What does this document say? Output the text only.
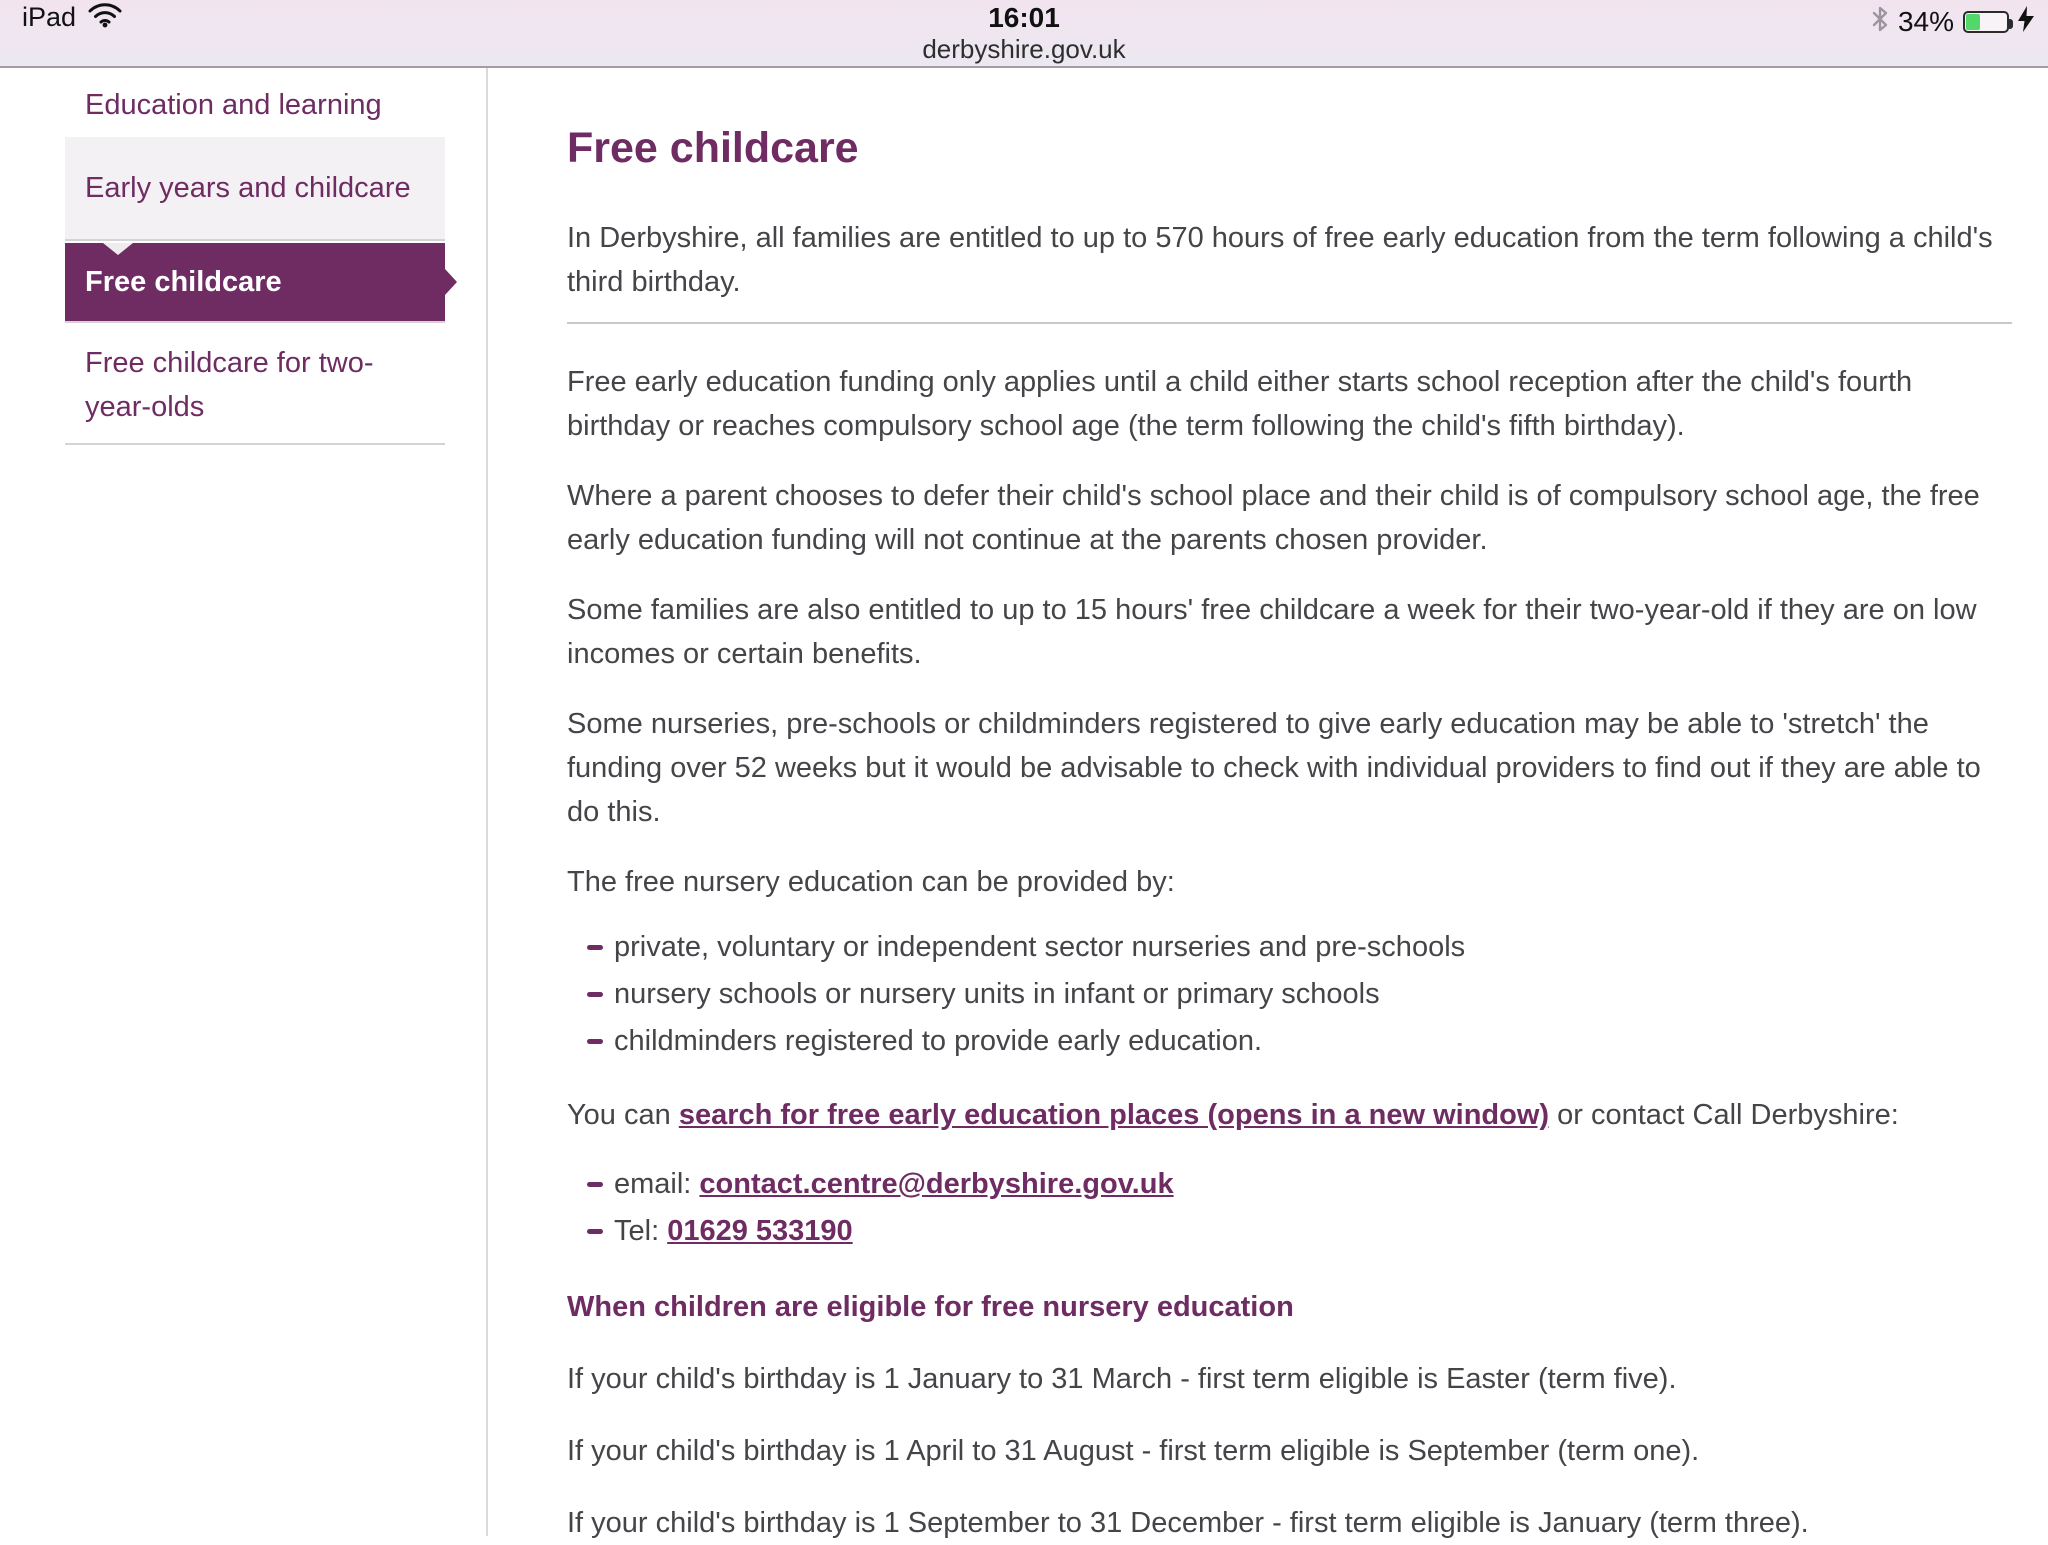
iPad	16:01
derbyshire.gov.uk
34%
Education and learning
Early years and childcare
Free childcare
Free childcare for two-year-olds
Free childcare

In Derbyshire, all families are entitled to up to 570 hours of free early education from the term following a child's third birthday.

Free early education funding only applies until a child either starts school reception after the child's fourth birthday or reaches compulsory school age (the term following the child's fifth birthday).

Where a parent chooses to defer their child's school place and their child is of compulsory school age, the free early education funding will not continue at the parents chosen provider.

Some families are also entitled to up to 15 hours' free childcare a week for their two-year-old if they are on low incomes or certain benefits.

Some nurseries, pre-schools or childminders registered to give early education may be able to 'stretch' the funding over 52 weeks but it would be advisable to check with individual providers to find out if they are able to do this.

The free nursery education can be provided by:

private, voluntary or independent sector nurseries and pre-schools
nursery schools or nursery units in infant or primary schools
childminders registered to provide early education.

You can search for free early education places (opens in a new window) or contact Call Derbyshire:

email: contact.centre@derbyshire.gov.uk
Tel: 01629 533190

When children are eligible for free nursery education

If your child's birthday is 1 January to 31 March - first term eligible is Easter (term five).

If your child's birthday is 1 April to 31 August - first term eligible is September (term one).

If your child's birthday is 1 September to 31 December - first term eligible is January (term three).
